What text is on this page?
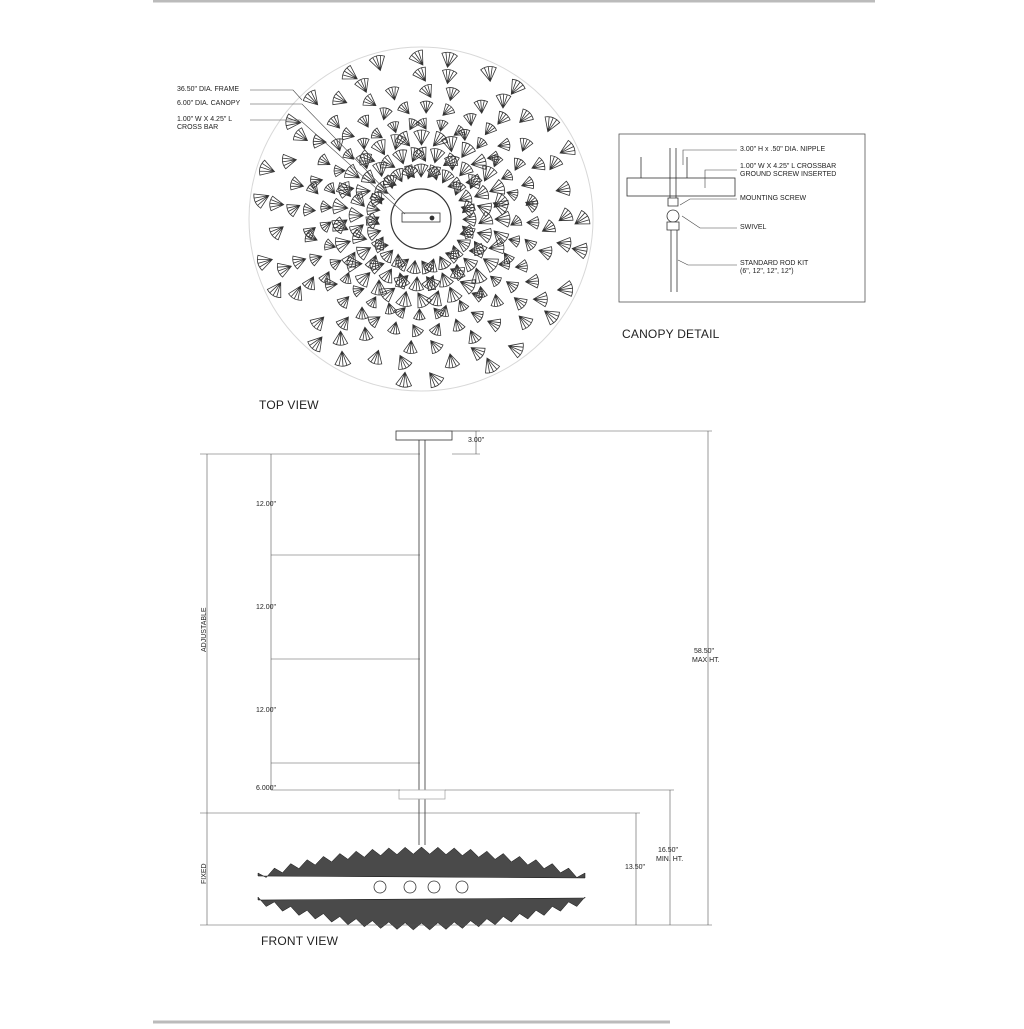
36.50" DIA. FRAME
6.00" DIA. CANOPY
1.00" W X 4.25" L
CROSS BAR
TOP VIEW
3.00" H x .50" DIA. NIPPLE
1.00" W X 4.25" L CROSSBAR
GROUND SCREW INSERTED
MOUNTING SCREW
SWIVEL
STANDARD ROD KIT
(6", 12", 12", 12")
CANOPY DETAIL
3.00"
12.00"
12.00"
12.00"
6.000"
ADJUSTABLE
FIXED
58.50"
MAX HT.
16.50"
MIN. HT.
13.50"
FRONT VIEW
